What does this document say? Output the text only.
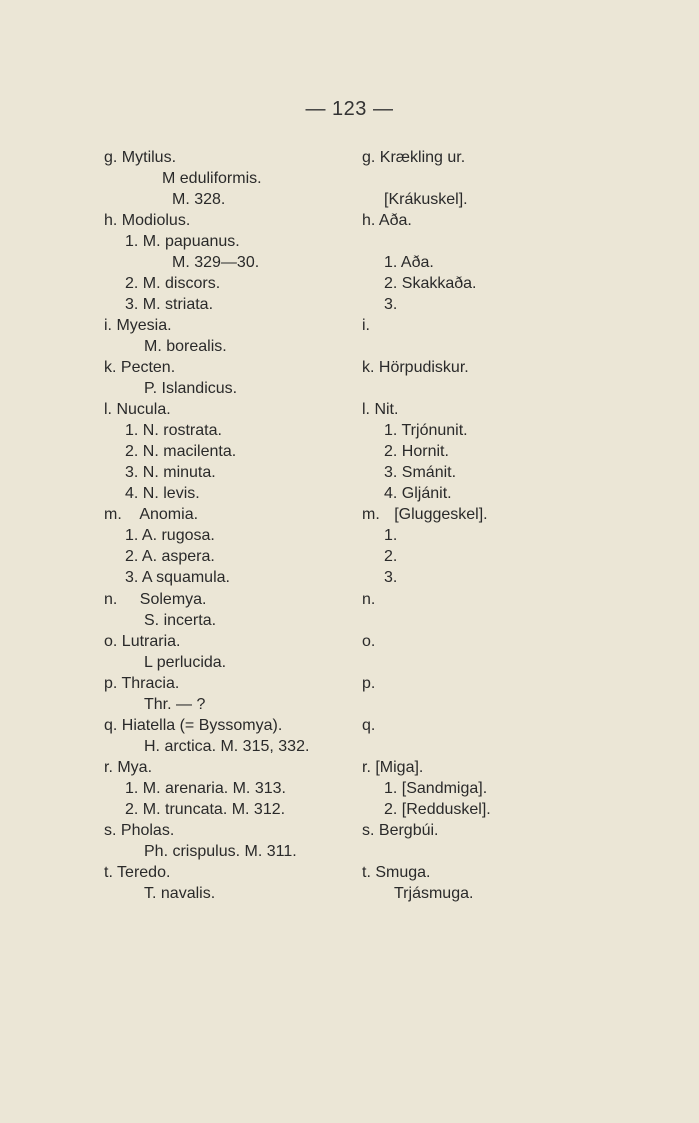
— 123 —
g. Mytilus.
M eduliformis.
M. 328.
h. Modiolus.
1. M. papuanus.
M. 329—30.
2. M. discors.
3. M. striata.
i. Myesia.
M. borealis.
k. Pecten.
P. Islandicus.
l. Nucula.
1. N. rostrata.
2. N. macilenta.
3. N. minuta.
4. N. levis.
m. Anomia.
1. A. rugosa.
2. A. aspera.
3. A squamula.
n. Solemya.
S. incerta.
o. Lutraria.
L perlucida.
p. Thracia.
Thr. — ?
q. Hiatella (= Byssomya).
H. arctica. M. 315, 332.
r. Mya.
1. M. arenaria. M. 313.
2. M. truncata. M. 312.
s. Pholas.
Ph. crispulus. M. 311.
t. Teredo.
T. navalis.
g. Krækling ur.
[Krákuskel].
h. Aða.
1. Aða.
2. Skakkaða.
3.
i.
k. Hörpudiskur.
l. Nit.
1. Trjónunit.
2. Hornit.
3. Smánit.
4. Gljánit.
m. [Gluggeskel].
1.
2.
3.
n.
o.
p.
q.
r. [Miga].
1. [Sandmiga].
2. [Redduskel].
s. Bergbúi.
t. Smuga.
Trjásmuga.
